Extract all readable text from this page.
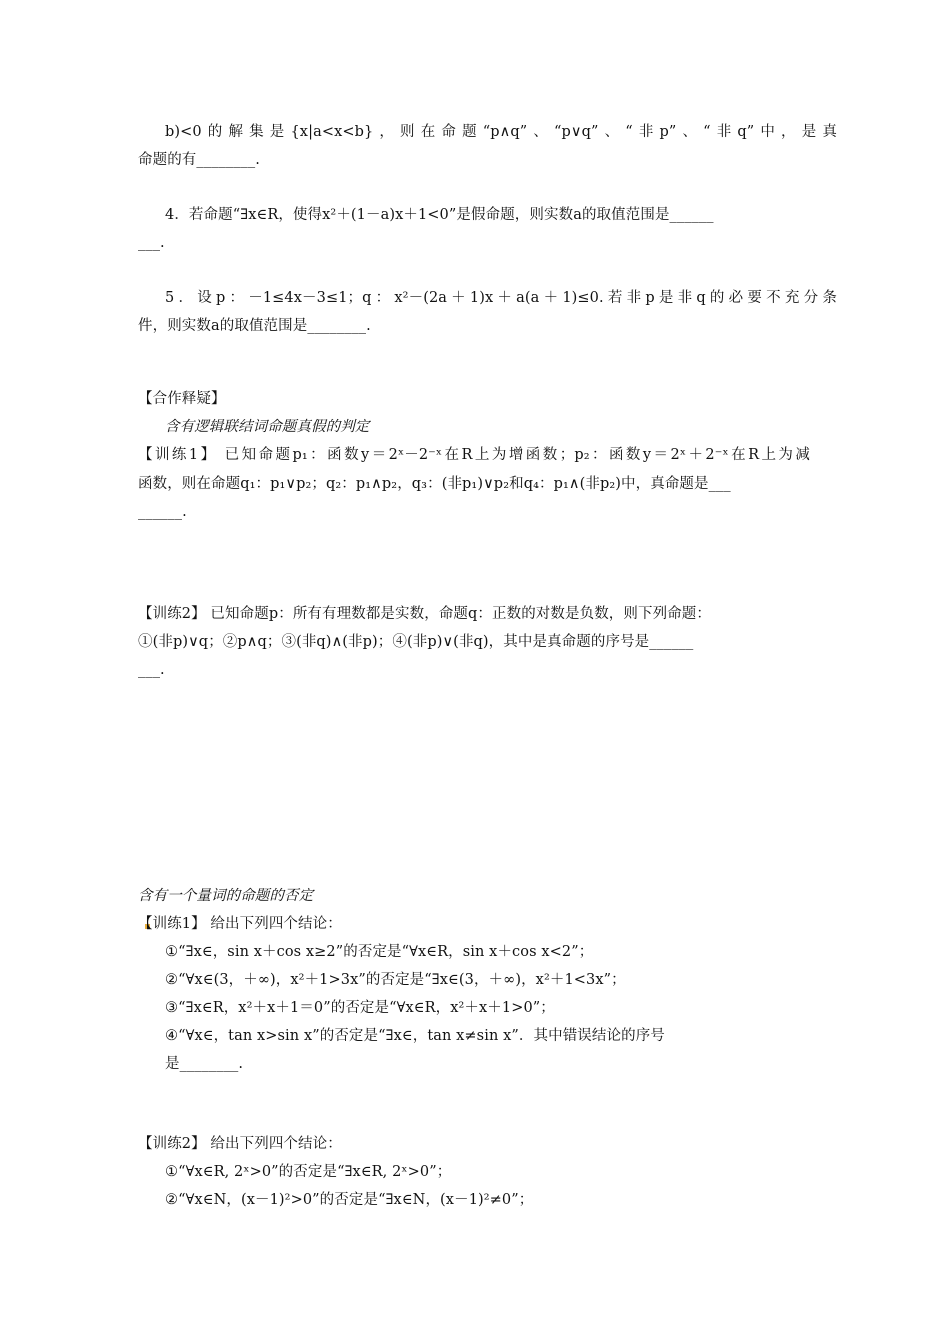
b)<0的解集是{x|a<x<b}，则在命题“p∧q”、“p∨q”、“非p”、“非q”中，是真
命题的有________.
4．若命题“∃x∈R，使得x²＋(1－a)x＋1<0”是假命题，则实数a的取值范围是______
___.
5．设p：－1≤4x－3≤1；q：x²－(2a＋1)x＋a(a＋1)≤0.若非p是非q的必要不充分条
件，则实数a的取值范围是________.
【合作释疑】
含有逻辑联结词命题真假的判定
【训练1】 已知命题p₁：函数y＝2ˣ－2⁻ˣ在R上为增函数；p₂：函数y＝2ˣ＋2⁻ˣ在R上为减
函数，则在命题q₁：p₁∨p₂；q₂：p₁∧p₂，q₃：(非p₁)∨p₂和q₄：p₁∧(非p₂)中，真命题是___
______.
【训练2】 已知命题p：所有有理数都是实数，命题q：正数的对数是负数，则下列命题：
①(非p)∨q；②p∧q；③(非q)∧(非p)；④(非p)∨(非q)，其中是真命题的序号是______
___.
含有一个量词的命题的否定
【训练1】 给出下列四个结论：
①“∃x∈，sin x＋cos x≥2”的否定是“∀x∈R，sin x＋cos x<2”；
②“∀x∈(3，＋∞)，x²＋1>3x”的否定是“∃x∈(3，＋∞)，x²＋1<3x”；
③“∃x∈R，x²＋x＋1＝0”的否定是“∀x∈R，x²＋x＋1>0”；
④“∀x∈，tan x>sin x”的否定是“∃x∈，tan x≠sin x”．其中错误结论的序号
是________.
【训练2】 给出下列四个结论：
①“∀x∈R, 2ˣ>0”的否定是“∃x∈R, 2ˣ>0”；
②“∀x∈N，(x－1)²>0”的否定是“∃x∈N，(x－1)²≠0”；
